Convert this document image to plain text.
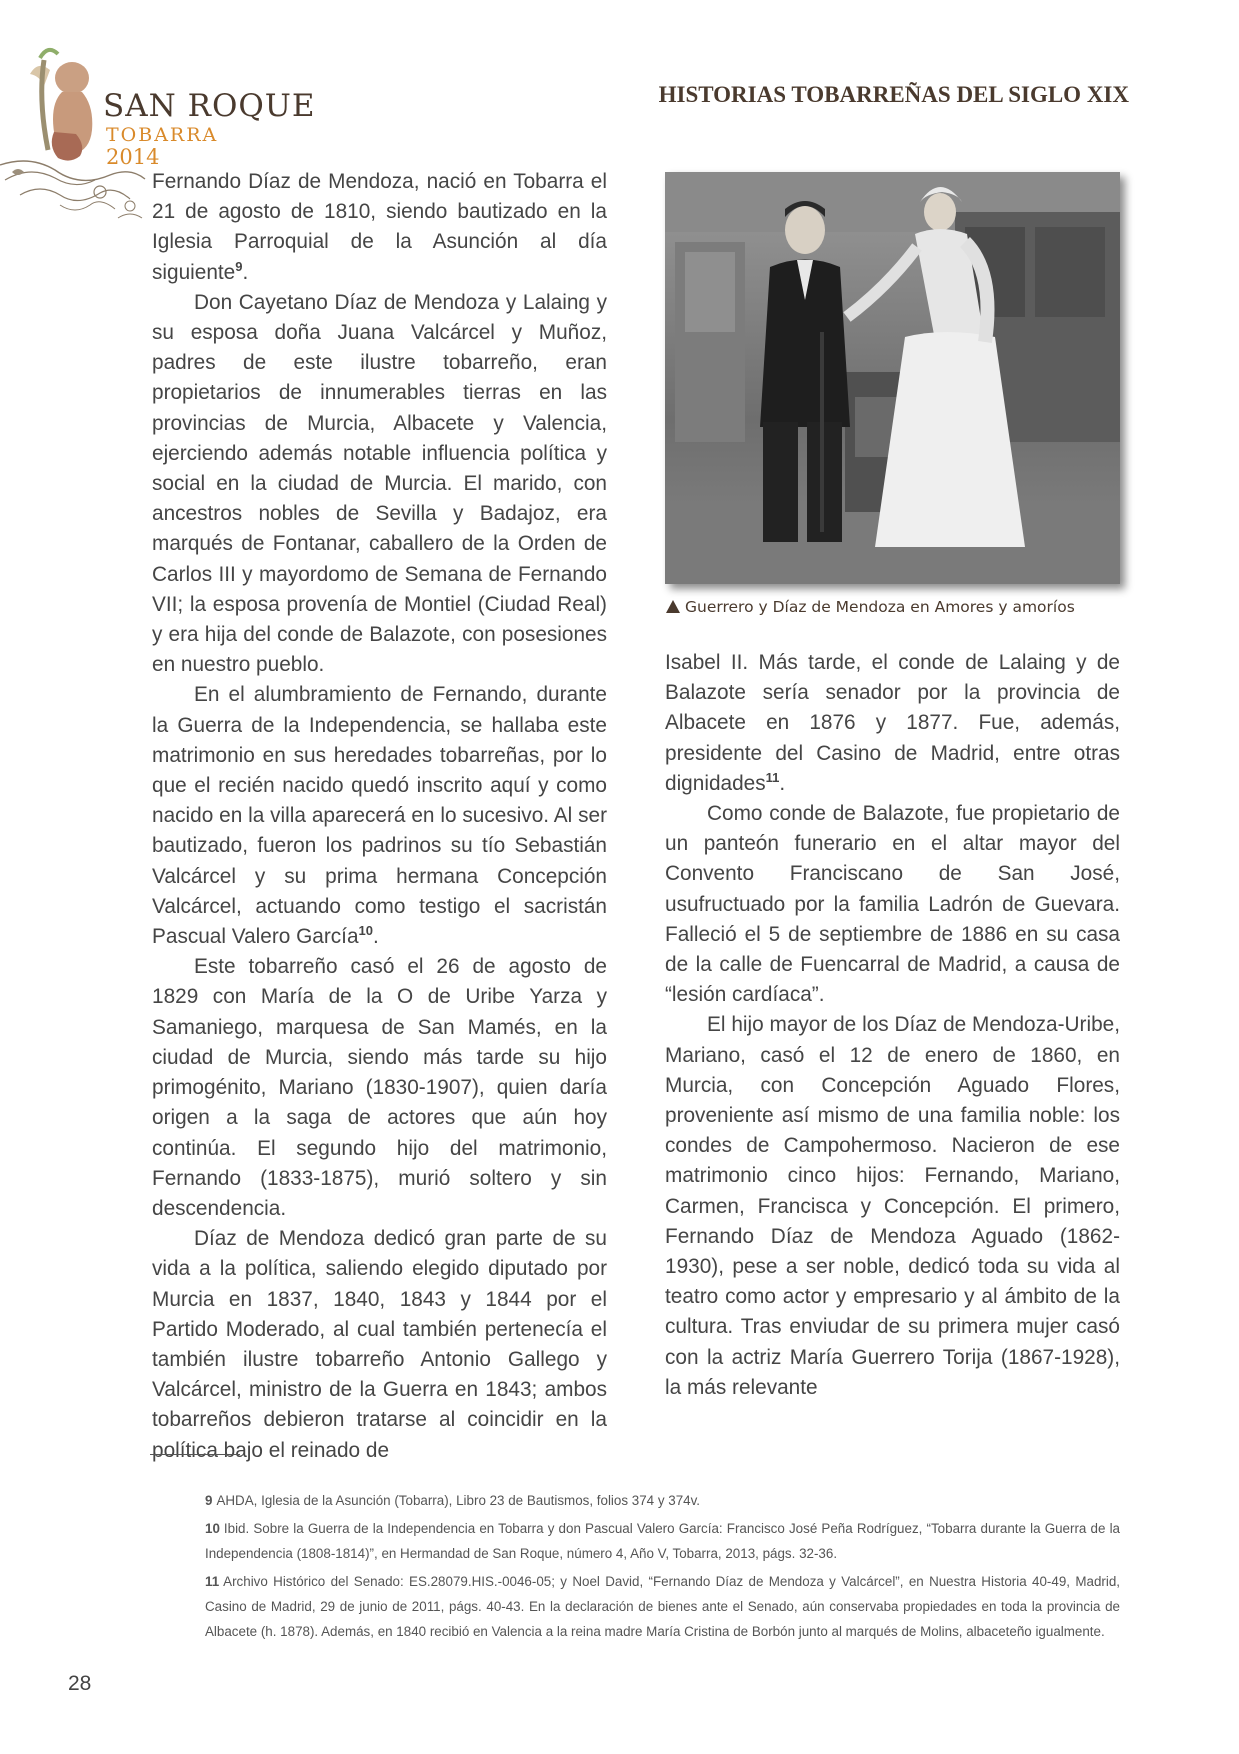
SAN ROQUE
TOBARRA
2014
HISTORIAS TOBARREÑAS DEL SIGLO XIX

Fernando Díaz de Mendoza, nació en Tobarra el 21 de agosto de 1810, siendo bautizado en la Iglesia Parroquial de la Asunción al día siguiente$^9$.

Don Cayetano Díaz de Mendoza y Lalaing y su esposa doña Juana Valcárcel y Muñoz, padres de este ilustre tobarreño, eran propietarios de innumerables tierras en las provincias de Murcia, Albacete y Valencia, ejerciendo además notable influencia política y social en la ciudad de Murcia. El marido, con ancestros nobles de Sevilla y Badajoz, era marqués de Fontanar, caballero de la Orden de Carlos III y mayordomo de Semana de Fernando VII; la esposa provenía de Montiel (Ciudad Real) y era hija del conde de Balazote, con posesiones en nuestro pueblo.

En el alumbramiento de Fernando, durante la Guerra de la Independencia, se hallaba este matrimonio en sus heredades tobarreñas, por lo que el recién nacido quedó inscrito aquí y como nacido en la villa aparecerá en lo sucesivo. Al ser bautizado, fueron los padrinos su tío Sebastián Valcárcel y su prima hermana Concepción Valcárcel, actuando como testigo el sacristán Pascual Valero García$^{10}$.

Este tobarreño casó el 26 de agosto de 1829 con María de la O de Uribe Yarza y Samaniego, marquesa de San Mamés, en la ciudad de Murcia, siendo más tarde su hijo primogénito, Mariano (1830-1907), quien daría origen a la saga de actores que aún hoy continúa. El segundo hijo del matrimonio, Fernando (1833-1875), murió soltero y sin descendencia.

Díaz de Mendoza dedicó gran parte de su vida a la política, saliendo elegido diputado por Murcia en 1837, 1840, 1843 y 1844 por el Partido Moderado, al cual también pertenecía el también ilustre tobarreño Antonio Gallego y Valcárcel, ministro de la Guerra en 1843; ambos tobarreños debieron tratarse al coincidir en la política bajo el reinado de

Guerrero y Díaz de Mendoza en Amores y amoríos

Isabel II. Más tarde, el conde de Lalaing y de Balazote sería senador por la provincia de Albacete en 1876 y 1877. Fue, además, presidente del Casino de Madrid, entre otras dignidades$^{11}$.

Como conde de Balazote, fue propietario de un panteón funerario en el altar mayor del Convento Franciscano de San José, usufructuado por la familia Ladrón de Guevara. Falleció el 5 de septiembre de 1886 en su casa de la calle de Fuencarral de Madrid, a causa de “lesión cardíaca”.

El hijo mayor de los Díaz de Mendoza-Uribe, Mariano, casó el 12 de enero de 1860, en Murcia, con Concepción Aguado Flores, proveniente así mismo de una familia noble: los condes de Campohermoso. Nacieron de ese matrimonio cinco hijos: Fernando, Mariano, Carmen, Francisca y Concepción. El primero, Fernando Díaz de Mendoza Aguado (1862-1930), pese a ser noble, dedicó toda su vida al teatro como actor y empresario y al ámbito de la cultura. Tras enviudar de su primera mujer casó con la actriz María Guerrero Torija (1867-1928), la más relevante

9 AHDA, Iglesia de la Asunción (Tobarra), Libro 23 de Bautismos, folios 374 y 374v.
10 Ibid. Sobre la Guerra de la Independencia en Tobarra y don Pascual Valero García: Francisco José Peña Rodríguez, “Tobarra durante la Guerra de la Independencia (1808-1814)”, en Hermandad de San Roque, número 4, Año V, Tobarra, 2013, págs. 32-36.
11 Archivo Histórico del Senado: ES.28079.HIS.-0046-05; y Noel David, “Fernando Díaz de Mendoza y Valcárcel”, en Nuestra Historia 40-49, Madrid, Casino de Madrid, 29 de junio de 2011, págs. 40-43. En la declaración de bienes ante el Senado, aún conservaba propiedades en toda la provincia de Albacete (h. 1878). Además, en 1840 recibió en Valencia a la reina madre María Cristina de Borbón junto al marqués de Molins, albaceteño igualmente.
28
